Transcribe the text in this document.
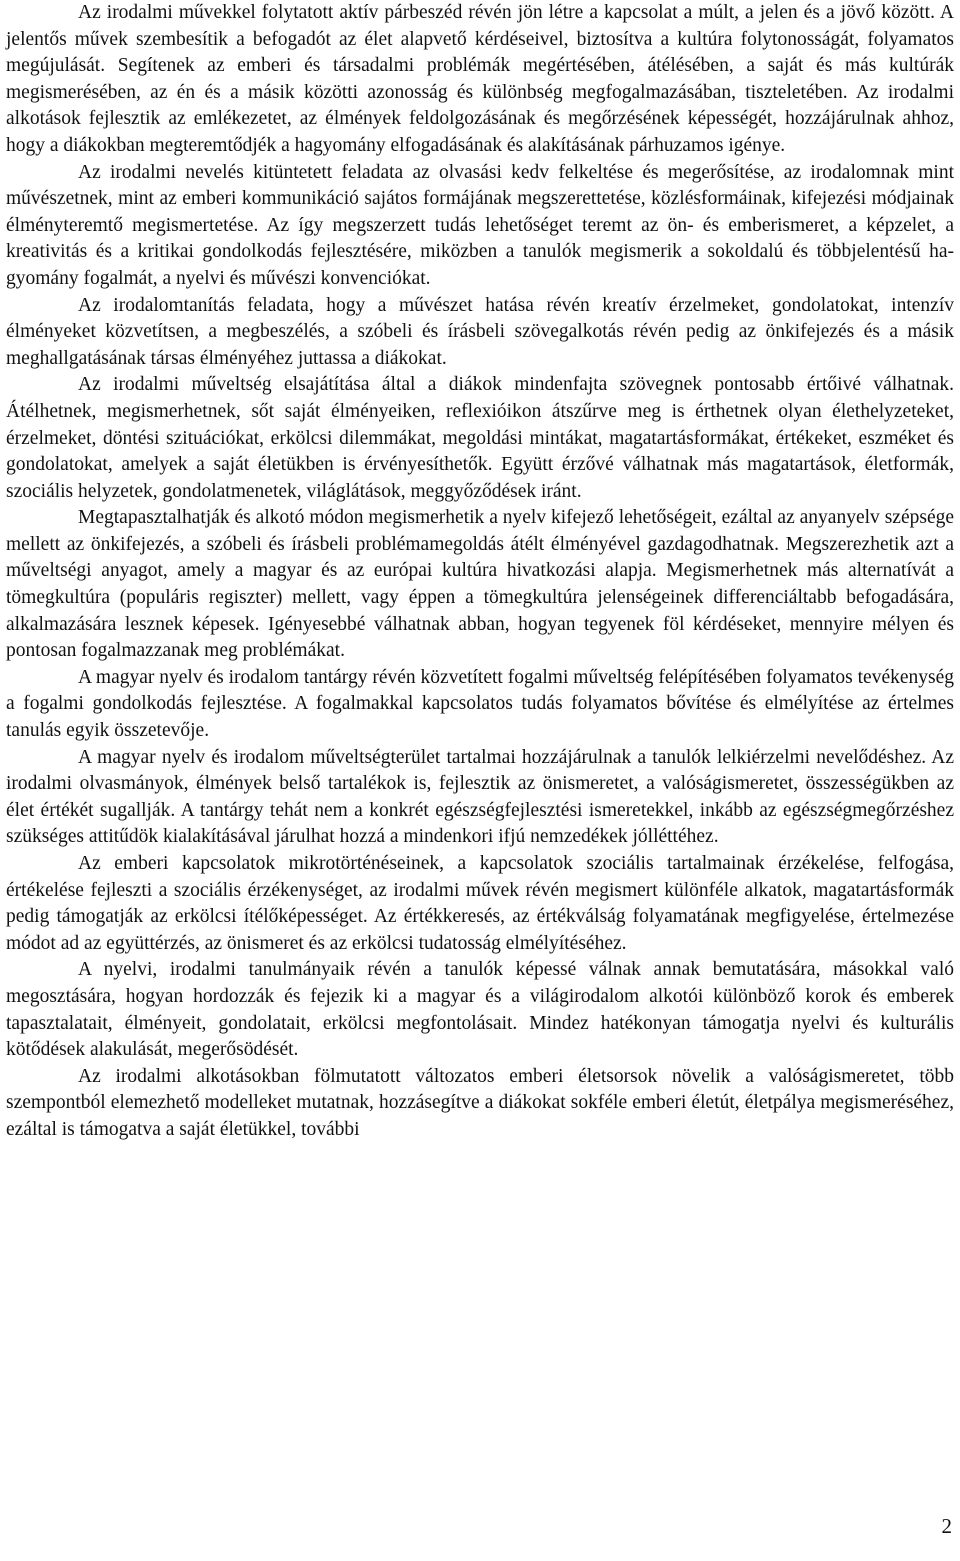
Az irodalmi művekkel folytatott aktív párbeszéd révén jön létre a kapcsolat a múlt, a jelen és a jövő között. A jelentős művek szembesítik a befogadót az élet alapvető kérdéseivel, biztosítva a kultúra folytonosságát, folyamatos megújulását. Segítenek az emberi és társadalmi problémák megértésében, átélésében, a saját és más kultúrák megismerésében, az én és a másik közötti azonosság és különbség megfogalmazásában, tiszteletében. Az irodalmi alkotások fejlesztik az emlékezetet, az élmények feldolgozásának és megőrzésének képességét, hozzájárulnak ahhoz, hogy a diákokban megteremtődjék a hagyomány elfogadásának és alakításának párhuzamos igénye.

Az irodalmi nevelés kitüntetett feladata az olvasási kedv felkeltése és megerősítése, az irodalomnak mint művészetnek, mint az emberi kommunikáció sajátos formájának megszerettetése, közlésformáinak, kifejezési módjainak élményteremtő megismertetése. Az így megszerzett tudás lehetőséget teremt az ön- és emberismeret, a képzelet, a kreativitás és a kritikai gondolkodás fejlesztésére, miközben a tanulók megismerik a sokoldalú és többjelentésű hagyomány fogalmát, a nyelvi és művészi konvenciókat.

Az irodalomtanítás feladata, hogy a művészet hatása révén kreatív érzelmeket, gondolatokat, intenzív élményeket közvetítsen, a megbeszélés, a szóbeli és írásbeli szövegalkotás révén pedig az önkifejezés és a másik meghallgatásának társas élményéhez juttassa a diákokat.

Az irodalmi műveltség elsajátítása által a diákok mindenfajta szövegnek pontosabb értőivé válhatnak. Átélhetnek, megismerhetnek, sőt saját élményeiken, reflexióikon átszűrve meg is érthetnek olyan élethelyzeteket, érzelmeket, döntési szituációkat, erkölcsi dilemmákat, megoldási mintákat, magatartásformákat, értékeket, eszméket és gondolatokat, amelyek a saját életükben is érvényesíthetők. Együtt érzővé válhatnak más magatartások, életformák, szociális helyzetek, gondolatmenetek, világlátások, meggyőződések iránt.

Megtapasztalhatják és alkotó módon megismerhetik a nyelv kifejező lehetőségeit, ezáltal az anyanyelv szépsége mellett az önkifejezés, a szóbeli és írásbeli problémamegoldás átélt élményével gazdagodhatnak. Megszerezhetik azt a műveltségi anyagot, amely a magyar és az európai kultúra hivatkozási alapja. Megismerhetnek más alternatívát a tömegkultúra (populáris regiszter) mellett, vagy éppen a tömegkultúra jelenségeinek differenciáltabb befogadására, alkalmazására lesznek képesek. Igényesebbé válhatnak abban, hogyan tegyenek föl kérdéseket, mennyire mélyen és pontosan fogalmazzanak meg problémákat.

A magyar nyelv és irodalom tantárgy révén közvetített fogalmi műveltség felépítésében folyamatos tevékenység a fogalmi gondolkodás fejlesztése. A fogalmakkal kapcsolatos tudás folyamatos bővítése és elmélyítése az értelmes tanulás egyik összetevője.

A magyar nyelv és irodalom műveltségterület tartalmai hozzájárulnak a tanulók lelkiérzelmi nevelődéshez. Az irodalmi olvasmányok, élmények belső tartalékok is, fejlesztik az önismeretet, a valóságismeretet, összességükben az élet értékét sugallják. A tantárgy tehát nem a konkrét egészségfejlesztési ismeretekkel, inkább az egészségmegőrzéshez szükséges attitűdök kialakításával járulhat hozzá a mindenkori ifjú nemzedékek jólléttéhez.

Az emberi kapcsolatok mikrotörténéseinek, a kapcsolatok szociális tartalmainak érzékelése, felfogása, értékelése fejleszti a szociális érzékenységet, az irodalmi művek révén megismert különféle alkatok, magatartásformák pedig támogatják az erkölcsi ítélőképességet. Az értékkeresés, az értékválság folyamatának megfigyelése, értelmezése módot ad az együttérzés, az önismeret és az erkölcsi tudatosság elmélyítéséhez.

A nyelvi, irodalmi tanulmányaik révén a tanulók képessé válnak annak bemutatására, másokkal való megosztására, hogyan hordozzák és fejezik ki a magyar és a világirodalom alkotói különböző korok és emberek tapasztalatait, élményeit, gondolatait, erkölcsi megfontolásait. Mindez hatékonyan támogatja nyelvi és kulturális kötődések alakulását, megerősödését.

Az irodalmi alkotásokban fölmutatott változatos emberi életsorsok növelik a valóságismeretet, több szempontból elemezhető modelleket mutatnak, hozzásegítve a diákokat sokféle emberi életút, életpálya megismeréséhez, ezáltal is támogatva a saját életükkel, további

2
